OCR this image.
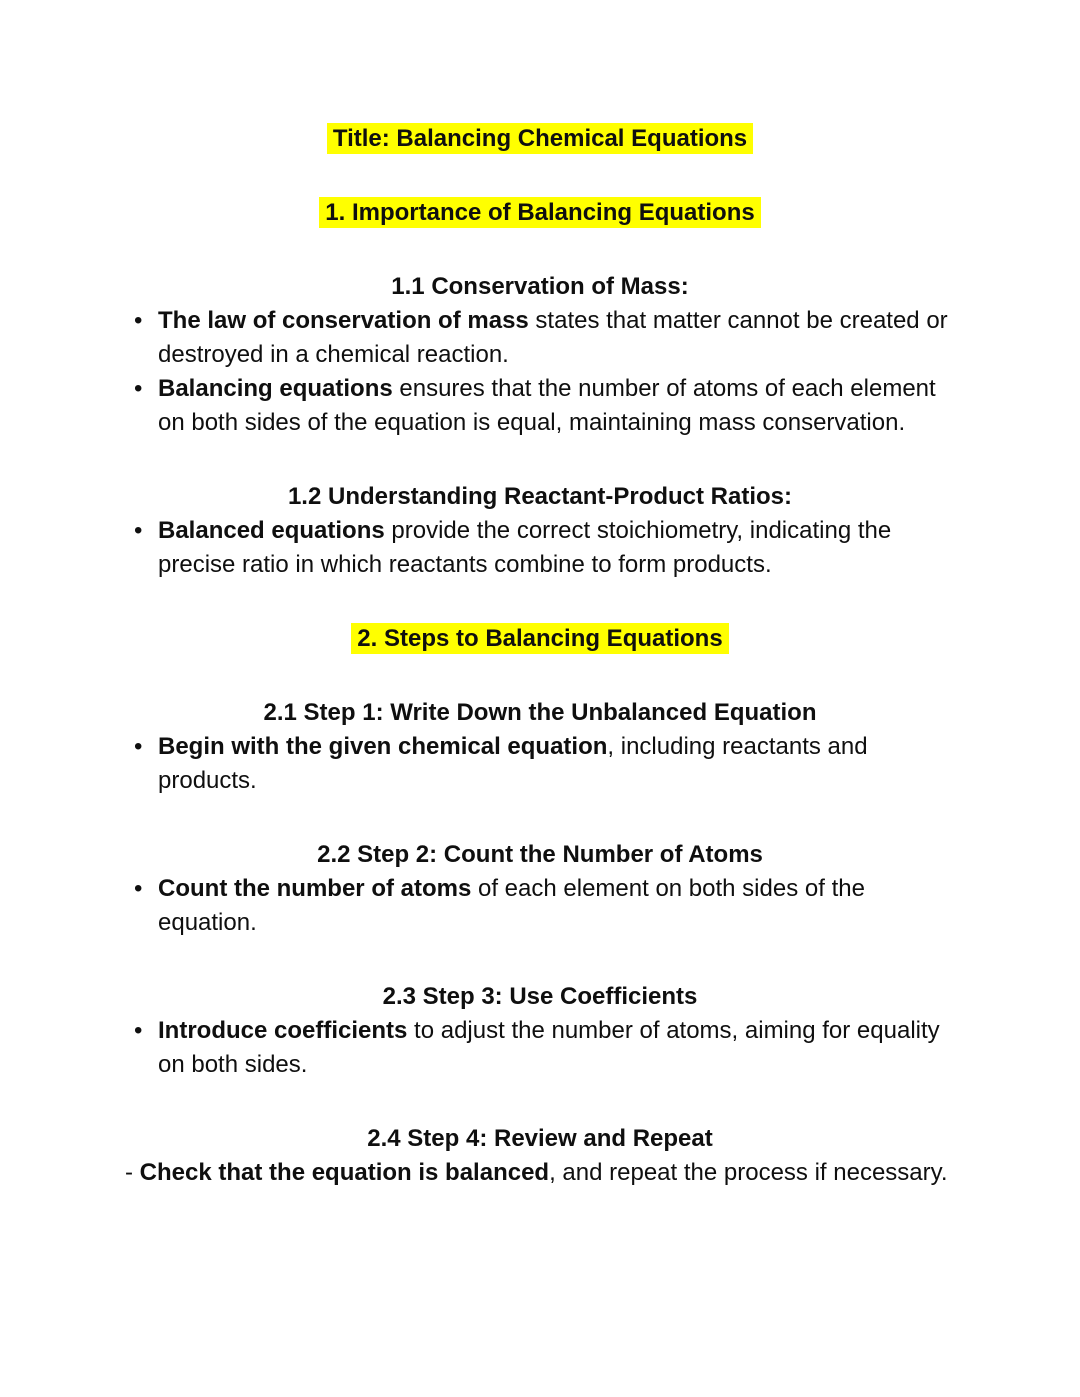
Title: Balancing Chemical Equations

1. Importance of Balancing Equations

1.1 Conservation of Mass:

• The law of conservation of mass states that matter cannot be created or destroyed in a chemical reaction.
• Balancing equations ensures that the number of atoms of each element on both sides of the equation is equal, maintaining mass conservation.

1.2 Understanding Reactant-Product Ratios:

• Balanced equations provide the correct stoichiometry, indicating the precise ratio in which reactants combine to form products.

2. Steps to Balancing Equations

2.1 Step 1: Write Down the Unbalanced Equation

• Begin with the given chemical equation, including reactants and products.

2.2 Step 2: Count the Number of Atoms

• Count the number of atoms of each element on both sides of the equation.

2.3 Step 3: Use Coefficients

• Introduce coefficients to adjust the number of atoms, aiming for equality on both sides.

2.4 Step 4: Review and Repeat

- Check that the equation is balanced, and repeat the process if necessary.
